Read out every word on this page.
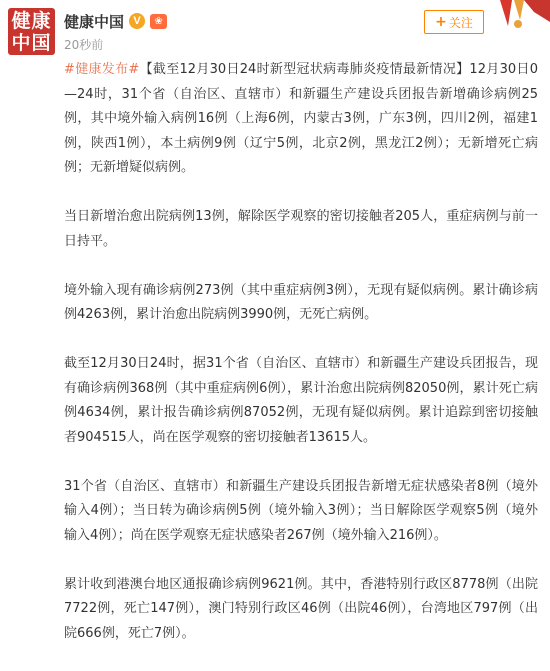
健康
中国
健康中国 V	❀
20秒前
+ 关注

#健康发布#【截至12月30日24时新型冠状病毒肺炎疫情最新情况】12月30日0—24时，31个省（自治区、直辖市）和新疆生产建设兵团报告新增确诊病例25例，其中境外输入病例16例（上海6例，内蒙古3例，广东3例，四川2例，福建1例，陕西1例），本土病例9例（辽宁5例，北京2例，黑龙江2例）；无新增死亡病例；无新增疑似病例。

当日新增治愈出院病例13例，解除医学观察的密切接触者205人，重症病例与前一日持平。

境外输入现有确诊病例273例（其中重症病例3例），无现有疑似病例。累计确诊病例4263例，累计治愈出院病例3990例，无死亡病例。

截至12月30日24时，据31个省（自治区、直辖市）和新疆生产建设兵团报告，现有确诊病例368例（其中重症病例6例），累计治愈出院病例82050例，累计死亡病例4634例，累计报告确诊病例87052例，无现有疑似病例。累计追踪到密切接触者904515人，尚在医学观察的密切接触者13615人。

31个省（自治区、直辖市）和新疆生产建设兵团报告新增无症状感染者8例（境外输入4例）；当日转为确诊病例5例（境外输入3例）；当日解除医学观察5例（境外输入4例）；尚在医学观察无症状感染者267例（境外输入216例）。

累计收到港澳台地区通报确诊病例9621例。其中，香港特别行政区8778例（出院7722例，死亡147例），澳门特别行政区46例（出院46例），台湾地区797例（出院666例，死亡7例）。
